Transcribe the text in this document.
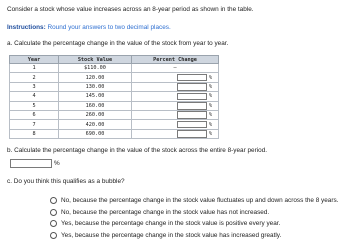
Consider a stock whose value increases across an 8-year period as shown in the table.
Instructions: Round your answers to two decimal places.
a. Calculate the percentage change in the value of the stock from year to year.
Year	Stock Value	Percent Change
1	$110.00	–

2	120.00	%

3	130.00	%

4	145.00	%

5	160.00	%

6	260.00	%

7	420.00	%

8	690.00	%
b. Calculate the percentage change in the value of the stock across the entire 8-year period.
%
c. Do you think this qualifies as a bubble?
No, because the percentage change in the stock value fluctuates up and down across the 8 years.
No, because the percentage change in the stock value has not increased.
Yes, because the percentage change in the stock value is positive every year.
Yes, because the percentage change in the stock value has increased greatly.
